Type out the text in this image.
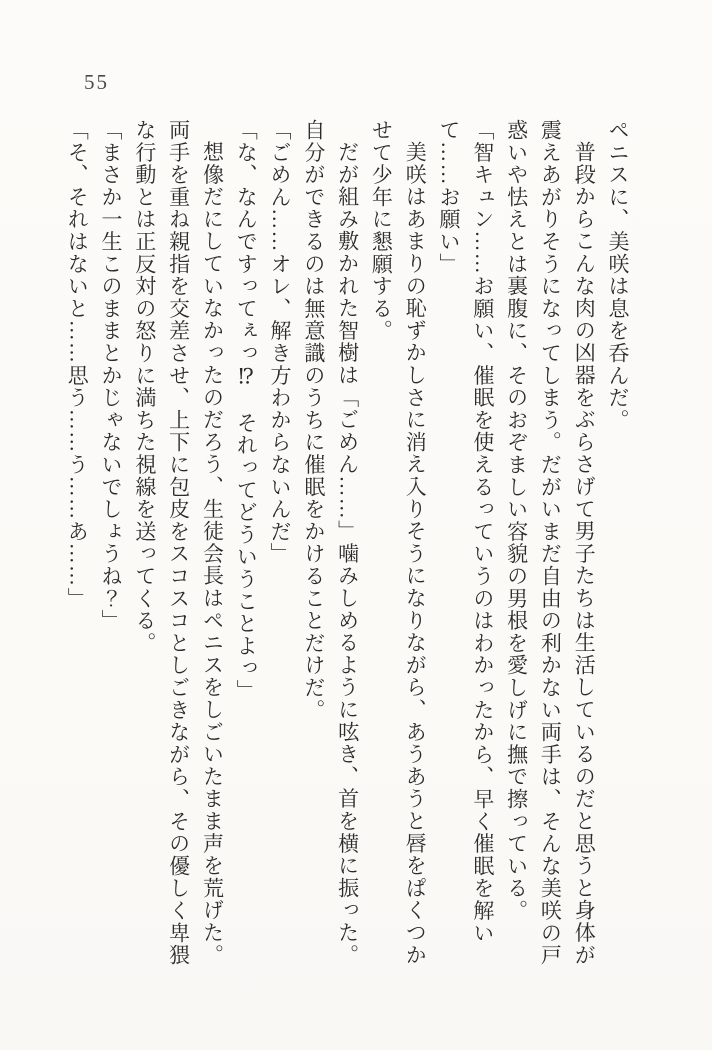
55

ペニスに、美咲は息を呑んだ。

普段からこんな肉の凶器をぶらさげて男子たちは生活しているのだと思うと身体が震えあがりそうになってしまう。だがいまだ自由の利かない両手は、そんな美咲の戸惑いや怯えとは裏腹に、そのおぞましい容貌の男根を愛しげに撫で擦っている。

「智キュン……お願い、催眠を使えるっていうのはわかったから、早く催眠を解いて……お願い」

美咲はあまりの恥ずかしさに消え入りそうになりながら、あうあうと唇をぱくつかせて少年に懇願する。

だが組み敷かれた智樹は「ごめん……」噛みしめるように呟き、首を横に振った。自分ができるのは無意識のうちに催眠をかけることだけだ。

「ごめん……オレ、解き方わからないんだ」

「な、なんですってぇっ⁉　それってどういうことよっ」

想像だにしていなかったのだろう、生徒会長はペニスをしごいたまま声を荒げた。両手を重ね親指を交差させ、上下に包皮をスコスコとしごきながら、その優しく卑猥な行動とは正反対の怒りに満ちた視線を送ってくる。

「まさか一生このままとかじゃないでしょうね？」

「そ、それはないと……思う……う……あ……」
